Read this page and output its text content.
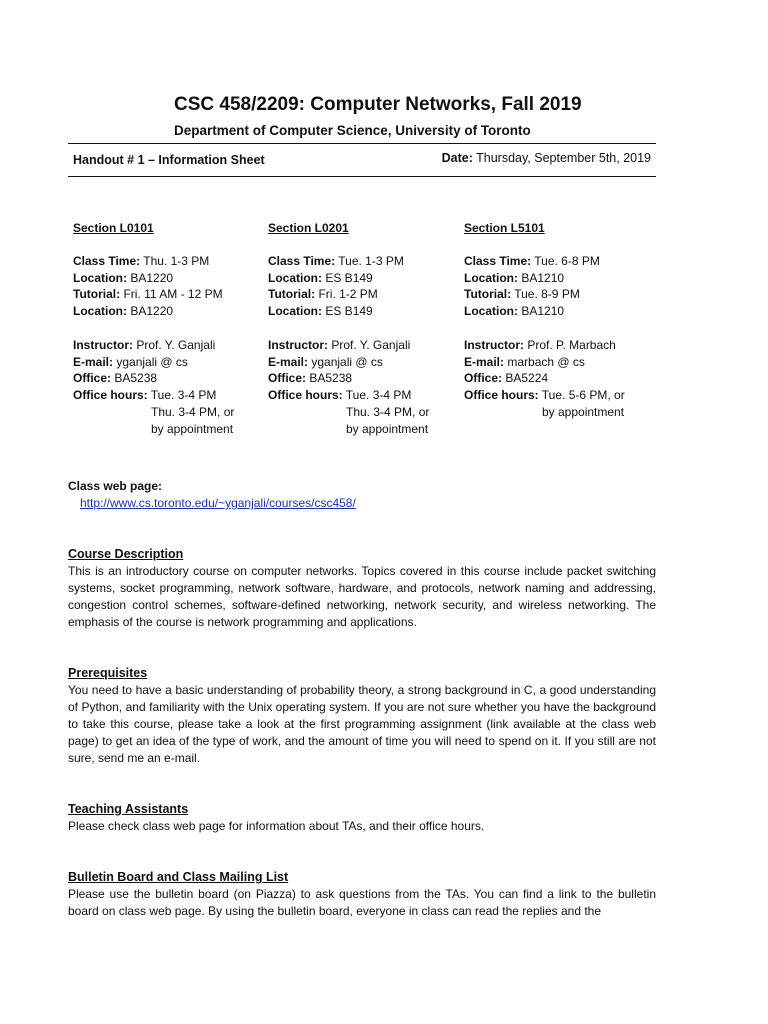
CSC 458/2209: Computer Networks, Fall 2019
Department of Computer Science, University of Toronto
Handout # 1 – Information Sheet	Date: Thursday, September 5th, 2019
Section L0101
Class Time: Thu. 1-3 PM
Location: BA1220
Tutorial: Fri. 11 AM - 12 PM
Location: BA1220
Instructor: Prof. Y. Ganjali
E-mail: yganjali @ cs
Office: BA5238
Office hours: Tue. 3-4 PM
Thu. 3-4 PM, or
by appointment
Section L0201
Class Time: Tue. 1-3 PM
Location: ES B149
Tutorial: Fri. 1-2 PM
Location: ES B149
Instructor: Prof. Y. Ganjali
E-mail: yganjali @ cs
Office: BA5238
Office hours: Tue. 3-4 PM
Thu. 3-4 PM, or
by appointment
Section L5101
Class Time: Tue. 6-8 PM
Location: BA1210
Tutorial: Tue. 8-9 PM
Location: BA1210
Instructor: Prof. P. Marbach
E-mail: marbach @ cs
Office: BA5224
Office hours: Tue. 5-6 PM, or
by appointment
Class web page:
http://www.cs.toronto.edu/~yganjali/courses/csc458/
Course Description
This is an introductory course on computer networks. Topics covered in this course include packet switching systems, socket programming, network software, hardware, and protocols, network naming and addressing, congestion control schemes, software-defined networking, network security, and wireless networking. The emphasis of the course is network programming and applications.
Prerequisites
You need to have a basic understanding of probability theory, a strong background in C, a good understanding of Python, and familiarity with the Unix operating system. If you are not sure whether you have the background to take this course, please take a look at the first programming assignment (link available at the class web page) to get an idea of the type of work, and the amount of time you will need to spend on it. If you still are not sure, send me an e-mail.
Teaching Assistants
Please check class web page for information about TAs, and their office hours.
Bulletin Board and Class Mailing List
Please use the bulletin board (on Piazza) to ask questions from the TAs. You can find a link to the bulletin board on class web page. By using the bulletin board, everyone in class can read the replies and the
